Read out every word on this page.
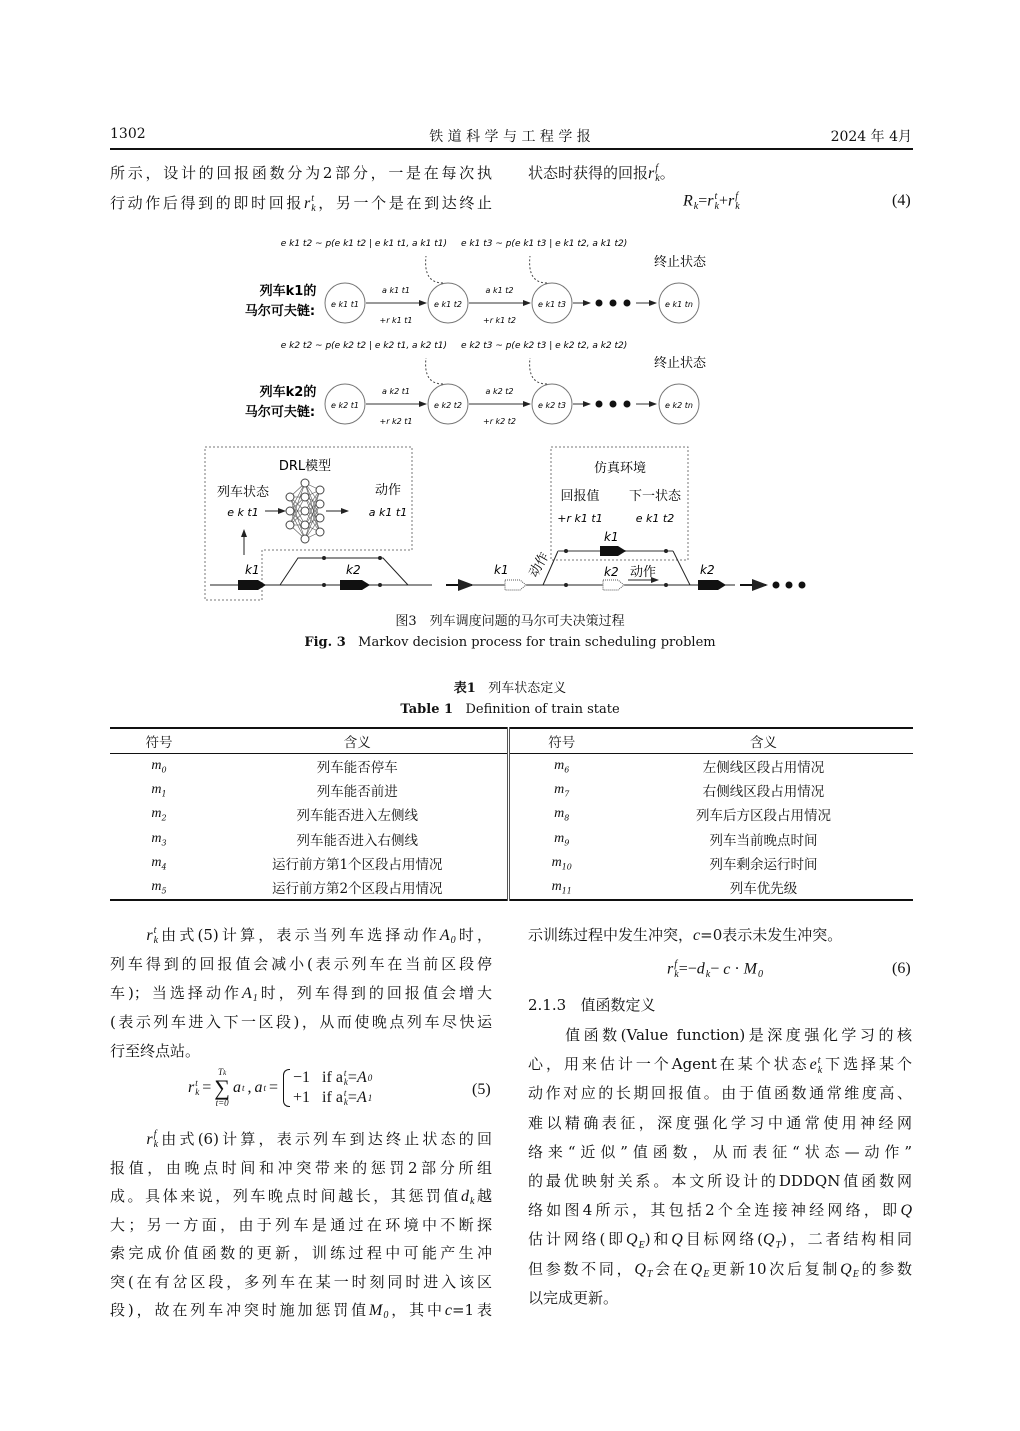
1302	铁 道 科 学 与 工 程 学 报	2024 年 4月
R
k =r t
k +r f
k	(4)
列车k1的
马尔可夫链: e k1 t1	e k1 t2	e k1 t3	e k1 tn
a k1 t1
+r k1 t1
e k1 t2 ~ p(e k1 t2 | e k1 t1, a k1 t1)
a k1 t2
+r k1 t2
e k1 t3 ~ p(e k1 t3 | e k1 t2, a k1 t2)
终止状态
列车k2的
马尔可夫链: e k2 t1	e k2 t2	e k2 t3	e k2 tn
a k2 t1
+r k2 t1
e k2 t2 ~ p(e k2 t2 | e k2 t1, a k2 t1)
a k2 t2
+r k2 t2
e k2 t3 ~ p(e k2 t3 | e k2 t2, a k2 t2)
终止状态
DRL模型
列车状态
e k t1
动作
a k1 t1
k1	k2
仿真环境
回报值 下一状态
+r k1 t1	e k1 t2
k1	k2
动作	动作
k1
k2
图3　列车调度问题的马尔可夫决策过程
Fig. 3 Markov decision process for train scheduling problem
表1 列车状态定义
Table 1 Definition of train state
符号	含义	符号	含义
$m_0$	列车能否停车	$m_6$	左侧线区段占用情况
$m_1$	列车能否前进	$m_7$	右侧线区段占用情况
$m_2$	列车能否进入左侧线	$m_8$	列车后方区段占用情况
$m_3$	列车能否进入右侧线	$m_9$	列车当前晚点时间
$m_4$	运行前方第1个区段占用情况	$m_{10}$	列车剩余运行时间
$m_5$	运行前方第2个区段占用情况	$m_{11}$	列车优先级
r t
k =
Tk
∑
t=0
a t , a t =
−1 if a t
k =A 0
+1 if a t
k =A 1	(5)
r f
k =−d
k − c · M
0	(6)
2.1.3 值函数定义
所示，设计的回报函数分为2部分，一是在每次执
行动作后得到的即时回报r t
k ，另一个是在到达终止
状态时获得的回报r f
k 。
　　r t
k 由式(5)计算，表示当列车选择动作A
0 时，
列车得到的回报值会减小(表示列车在当前区段停
车)；当选择动作A
1 时，列车得到的回报值会增大
(表示列车进入下一区段)，从而使晚点列车尽快运
行至终点站。
　　r f
k 由式(6)计算，表示列车到达终止状态的回
报值，由晚点时间和冲突带来的惩罚2部分所组
成。具体来说，列车晚点时间越长，其惩罚值d
k 越
大；另一方面，由于列车是通过在环境中不断探
索完成价值函数的更新，训练过程中可能产生冲
突(在有岔区段，多列车在某一时刻同时进入该区
段)，故在列车冲突时施加惩罚值M
0 ，其中c=1表
示训练过程中发生冲突，c=0表示未发生冲突。
　　值函数(Value function)是深度强化学习的核
心，用来估计一个Agent在某个状态e t
k 下选择某个
动作对应的长期回报值。由于值函数通常维度高、
难以精确表征，深度强化学习中通常使用神经网
络来“近似”值函数，从而表征“状态—动作”
的最优映射关系。本文所设计的DDDQN值函数网
络如图4所示，其包括2个全连接神经网络，即Q
估计网络(即Q
E )和Q目标网络(Q
T )，二者结构相同
但参数不同，Q
T 会在Q
E 更新10次后复制Q
E 的参数
以完成更新。
